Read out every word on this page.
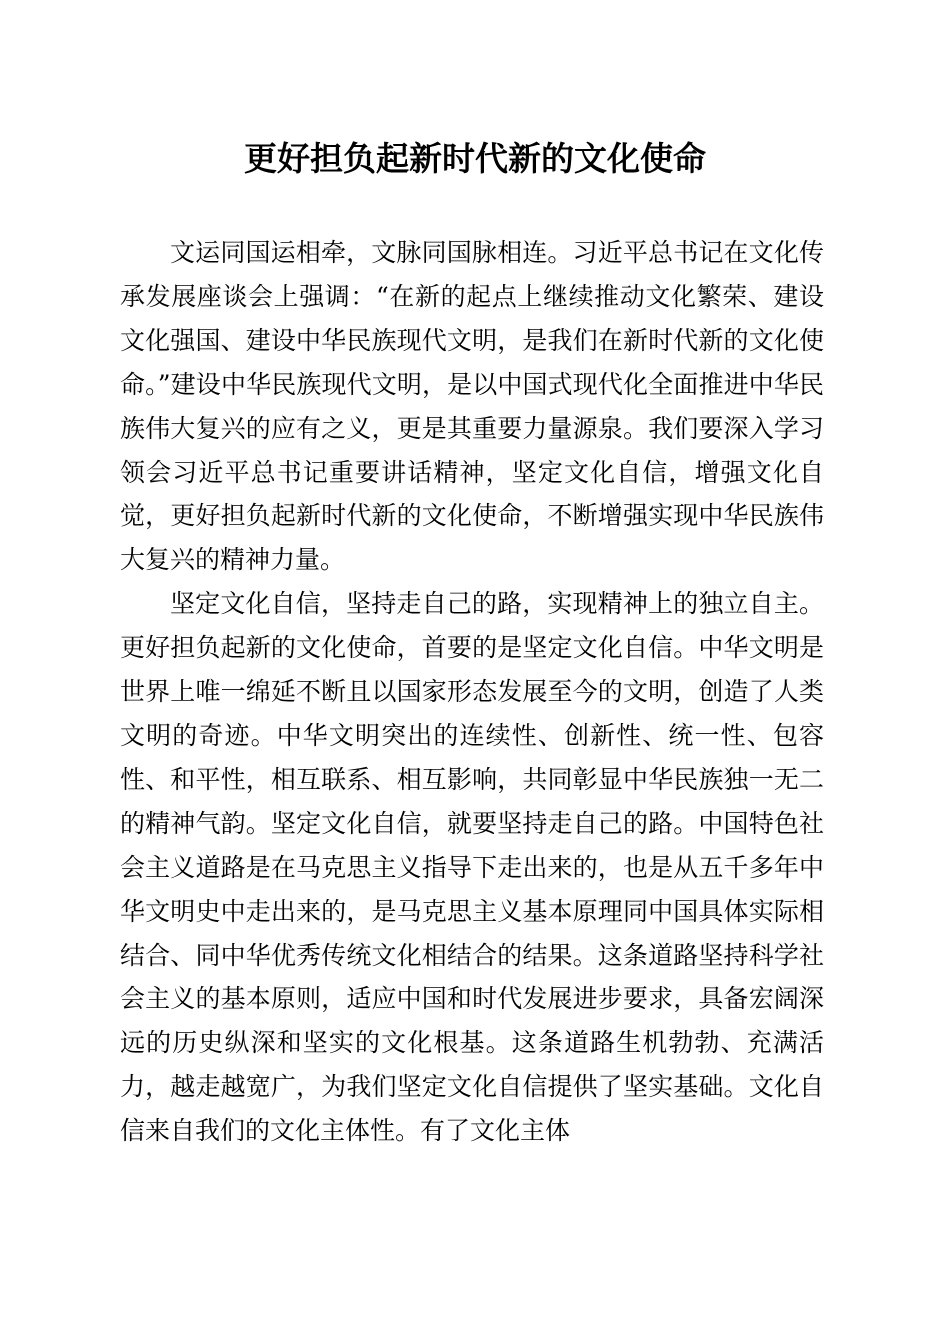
更好担负起新时代新的文化使命

文运同国运相牵，文脉同国脉相连。习近平总书记在文化传承发展座谈会上强调：“在新的起点上继续推动文化繁荣、建设文化强国、建设中华民族现代文明，是我们在新时代新的文化使命。”建设中华民族现代文明，是以中国式现代化全面推进中华民族伟大复兴的应有之义，更是其重要力量源泉。我们要深入学习领会习近平总书记重要讲话精神，坚定文化自信，增强文化自觉，更好担负起新时代新的文化使命，不断增强实现中华民族伟大复兴的精神力量。

坚定文化自信，坚持走自己的路，实现精神上的独立自主。更好担负起新的文化使命，首要的是坚定文化自信。中华文明是世界上唯一绵延不断且以国家形态发展至今的文明，创造了人类文明的奇迹。中华文明突出的连续性、创新性、统一性、包容性、和平性，相互联系、相互影响，共同彰显中华民族独一无二的精神气韵。坚定文化自信，就要坚持走自己的路。中国特色社会主义道路是在马克思主义指导下走出来的，也是从五千多年中华文明史中走出来的，是马克思主义基本原理同中国具体实际相结合、同中华优秀传统文化相结合的结果。这条道路坚持科学社会主义的基本原则，适应中国和时代发展进步要求，具备宏阔深远的历史纵深和坚实的文化根基。这条道路生机勃勃、充满活力，越走越宽广，为我们坚定文化自信提供了坚实基础。文化自信来自我们的文化主体性。有了文化主体
